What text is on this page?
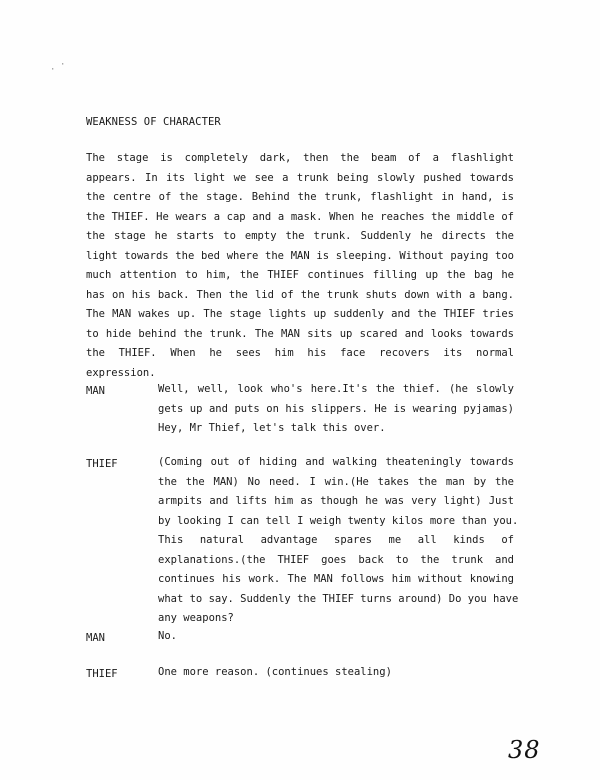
· ·
WEAKNESS OF CHARACTER
The stage is completely dark, then the beam of a flashlight
appears. In its light we see a trunk being slowly pushed towards
the centre of the stage. Behind the trunk, flashlight in hand, is
the THIEF. He wears a cap and a mask. When he reaches the middle of
the stage he starts to empty the trunk. Suddenly he directs the
light towards the bed where the MAN is sleeping. Without paying too
much attention to him, the THIEF continues filling up the bag he
has on his back. Then the lid of the trunk shuts down with a bang.
The MAN wakes up. The stage lights up suddenly and the THIEF tries
to hide behind the trunk. The MAN sits up scared and looks towards
the THIEF. When he sees him his face recovers its normal
expression.
MAN	Well, well, look who's here.It's the thief. (he slowly
gets up and puts on his slippers. He is wearing pyjamas)
Hey, Mr Thief, let's talk this over.
THIEF	(Coming out of hiding and walking theateningly towards
the the MAN) No need. I win.(He takes the man by the
armpits and lifts him as though he was very light) Just
by looking I can tell I weigh twenty kilos more than you.
This natural advantage spares me all kinds of
explanations.(the THIEF goes back to the trunk and
continues his work. The MAN follows him without knowing
what to say. Suddenly the THIEF turns around) Do you have
any weapons?
MAN	No.
THIEF	One more reason. (continues stealing)
38
